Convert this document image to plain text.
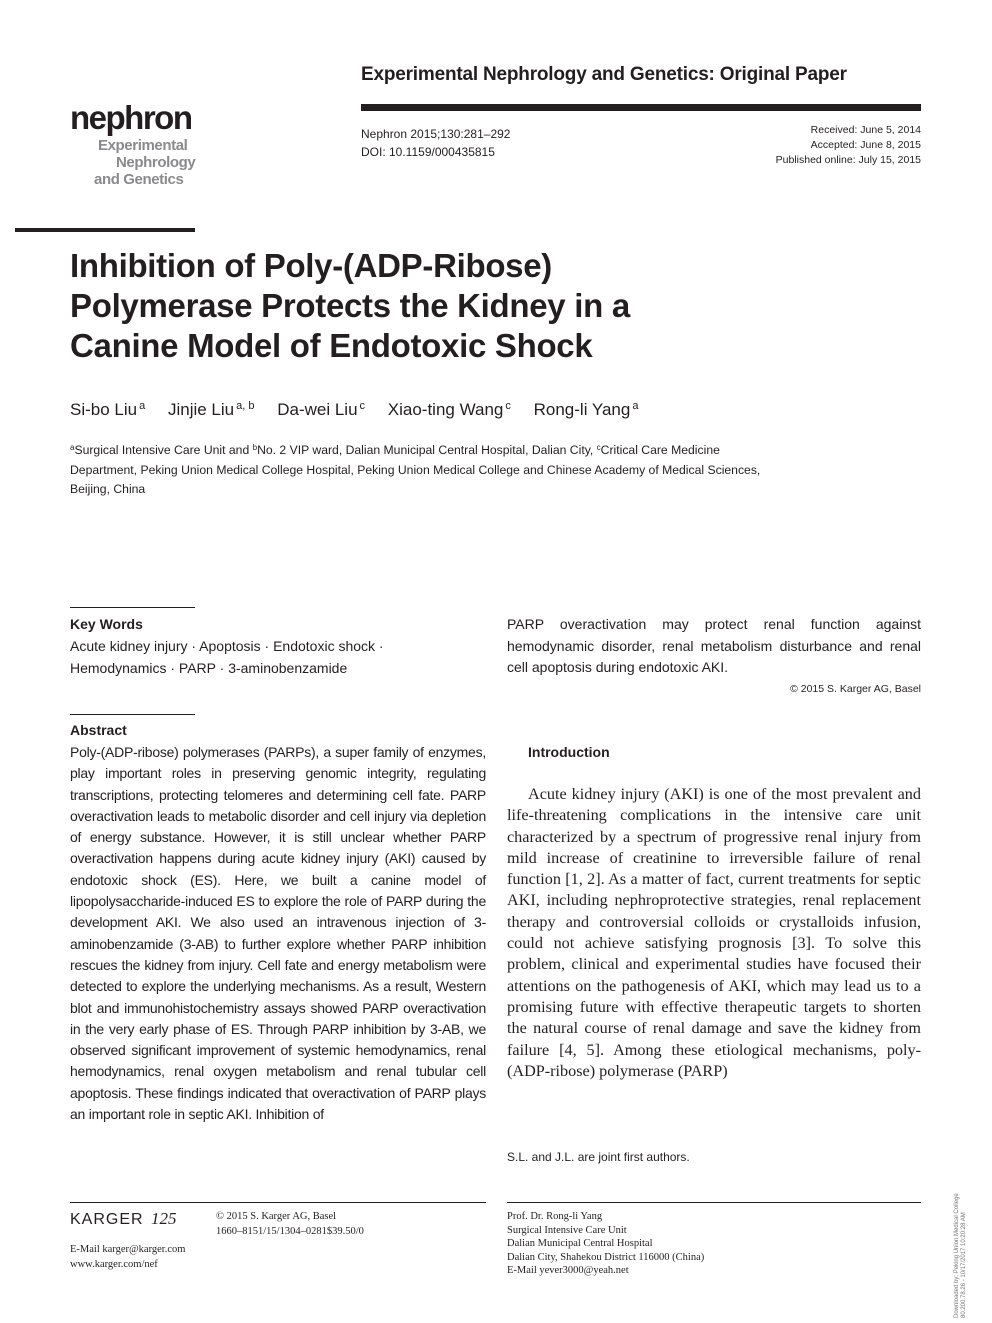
Experimental Nephrology and Genetics: Original Paper
nephron
Experimental
Nephrology
and Genetics
Nephron 2015;130:281–292
DOI: 10.1159/000435815
Received: June 5, 2014
Accepted: June 8, 2015
Published online: July 15, 2015
Inhibition of Poly-(ADP-Ribose)
Polymerase Protects the Kidney in a
Canine Model of Endotoxic Shock
Si-bo Liu $^a$ Jinjie Liu $^{a, b}$ Da-wei Liu $^c$ Xiao-ting Wang $^c$ Rong-li Yang $^a$
$^a$Surgical Intensive Care Unit and $^b$No. 2 VIP ward, Dalian Municipal Central Hospital, Dalian City, $^c$Critical Care Medicine Department, Peking Union Medical College Hospital, Peking Union Medical College and Chinese Academy of Medical Sciences, Beijing, China
Key Words
Acute kidney injury · Apoptosis · Endotoxic shock ·
Hemodynamics · PARP · 3-aminobenzamide
Abstract
Poly-(ADP-ribose) polymerases (PARPs), a super family of enzymes, play important roles in preserving genomic integrity, regulating transcriptions, protecting telomeres and determining cell fate. PARP overactivation leads to metabolic disorder and cell injury via depletion of energy substance. However, it is still unclear whether PARP overactivation happens during acute kidney injury (AKI) caused by endotoxic shock (ES). Here, we built a canine model of lipopolysaccharide-induced ES to explore the role of PARP during the development AKI. We also used an intravenous injection of 3-aminobenzamide (3-AB) to further explore whether PARP inhibition rescues the kidney from injury. Cell fate and energy metabolism were detected to explore the underlying mechanisms. As a result, Western blot and immunohistochemistry assays showed PARP overactivation in the very early phase of ES. Through PARP inhibition by 3-AB, we observed significant improvement of systemic hemodynamics, renal hemodynamics, renal oxygen metabolism and renal tubular cell apoptosis. These findings indicated that overactivation of PARP plays an important role in septic AKI. Inhibition of
PARP overactivation may protect renal function against hemodynamic disorder, renal metabolism disturbance and renal cell apoptosis during endotoxic AKI.
© 2015 S. Karger AG, Basel
Introduction

Acute kidney injury (AKI) is one of the most prevalent and life-threatening complications in the intensive care unit characterized by a spectrum of progressive renal injury from mild increase of creatinine to irreversible failure of renal function [1, 2]. As a matter of fact, current treatments for septic AKI, including nephroprotective strategies, renal replacement therapy and controversial colloids or crystalloids infusion, could not achieve satisfying prognosis [3]. To solve this problem, clinical and experimental studies have focused their attentions on the pathogenesis of AKI, which may lead us to a promising future with effective therapeutic targets to shorten the natural course of renal damage and save the kidney from failure [4, 5]. Among these etiological mechanisms, poly-(ADP-ribose) polymerase (PARP)

S.L. and J.L. are joint first authors.
KARGER 125	© 2015 S. Karger AG, Basel
1660–8151/15/1304–0281$39.50/0
E-Mail karger@karger.com
www.karger.com/nef
Prof. Dr. Rong-li Yang
Surgical Intensive Care Unit
Dalian Municipal Central Hospital
Dalian City, Shahekou District 116000 (China)
E-Mail yever3000@yeah.net	Downloaded by: Peking Union Medical College 80.200.78.26 - 10/17/2017 10:20:28 AM
